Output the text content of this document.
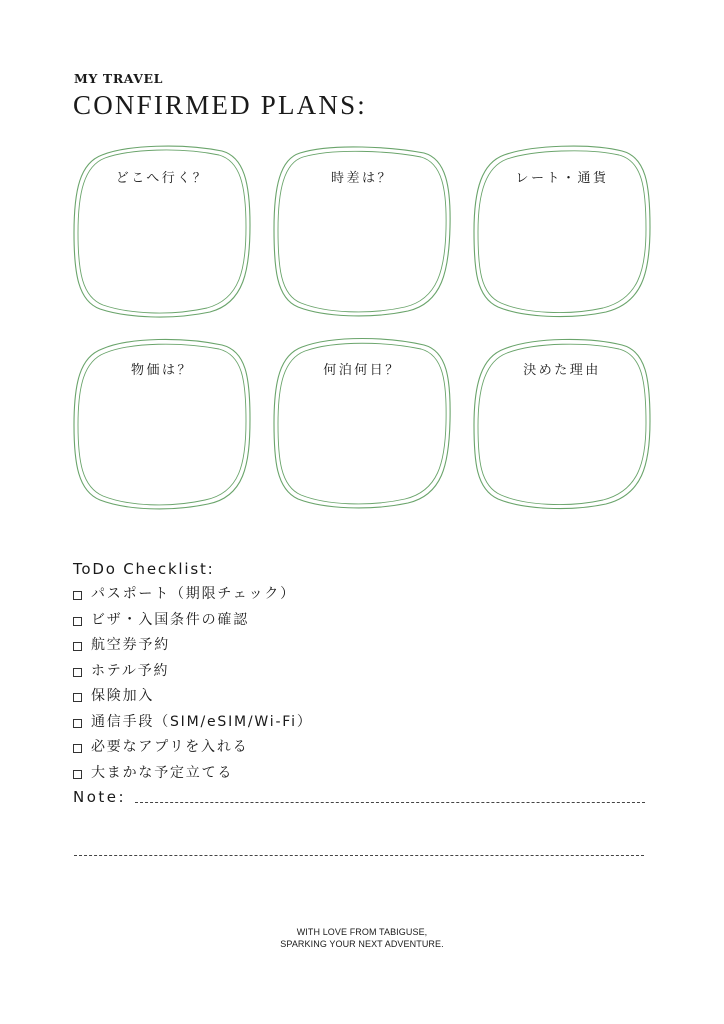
MY TRAVEL

CONFIRMED PLANS:

どこへ行く？	時差は？	レート・通貨

物価は？	何泊何日？	決めた理由

ToDo Checklist:

パスポート（期限チェック）
ビザ・入国条件の確認
航空券予約
ホテル予約
保険加入
通信手段（SIM/eSIM/Wi-Fi）
必要なアプリを入れる
大まかな予定立てる

Note:

WITH LOVE FROM TABIGUSE,

SPARKING YOUR NEXT ADVENTURE.
